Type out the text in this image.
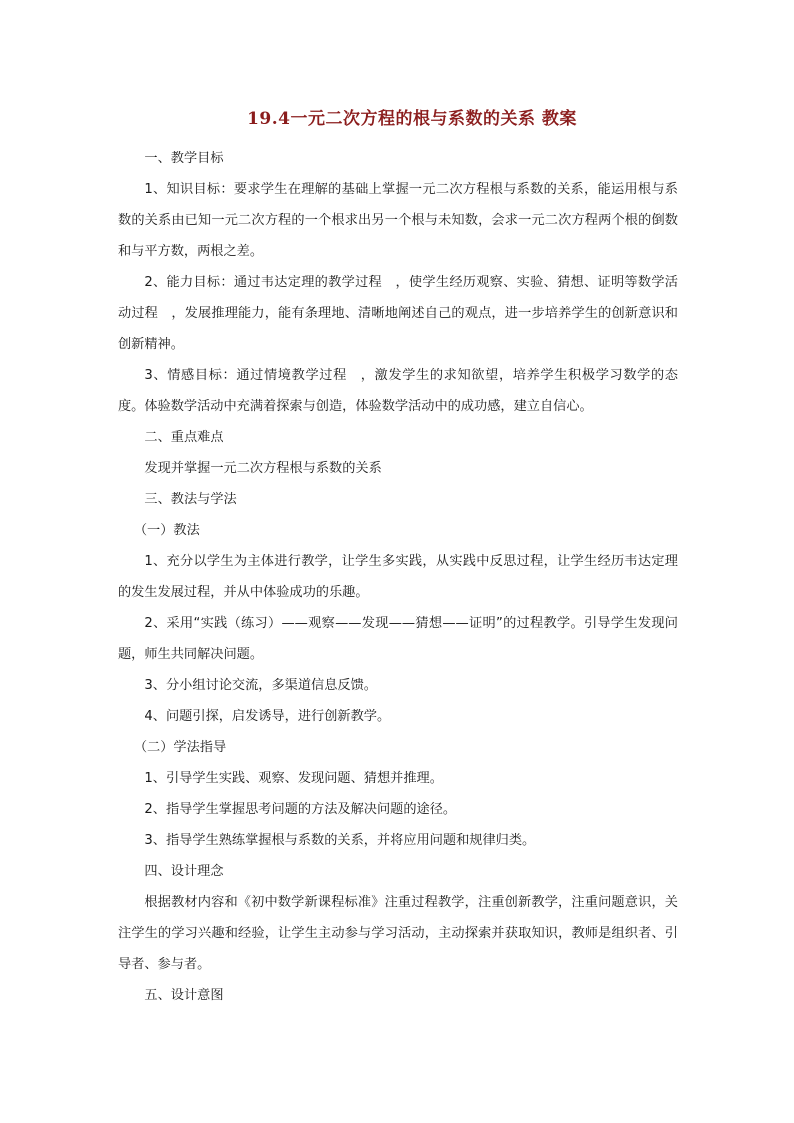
19.4一元二次方程的根与系数的关系 教案

一、教学目标

1、知识目标：要求学生在理解的基础上掌握一元二次方程根与系数的关系，能运用根与系数的关系由已知一元二次方程的一个根求出另一个根与未知数，会求一元二次方程两个根的倒数和与平方数，两根之差。

2、能力目标：通过韦达定理的教学过程　，使学生经历观察、实验、猜想、证明等数学活动过程　，发展推理能力，能有条理地、清晰地阐述自己的观点，进一步培养学生的创新意识和创新精神。

3、情感目标：通过情境教学过程　，激发学生的求知欲望，培养学生积极学习数学的态度。体验数学活动中充满着探索与创造，体验数学活动中的成功感，建立自信心。

二、重点难点

发现并掌握一元二次方程根与系数的关系

三、教法与学法

（一）教法

1、充分以学生为主体进行教学，让学生多实践，从实践中反思过程，让学生经历韦达定理的发生发展过程，并从中体验成功的乐趣。

2、采用“实践（练习）——观察——发现——猜想——证明”的过程教学。引导学生发现问题，师生共同解决问题。

3、分小组讨论交流，多渠道信息反馈。

4、问题引探，启发诱导，进行创新教学。

（二）学法指导

1、引导学生实践、观察、发现问题、猜想并推理。

2、指导学生掌握思考问题的方法及解决问题的途径。

3、指导学生熟练掌握根与系数的关系，并将应用问题和规律归类。

四、设计理念

根据教材内容和《初中数学新课程标准》注重过程教学，注重创新教学，注重问题意识，关注学生的学习兴趣和经验，让学生主动参与学习活动，主动探索并获取知识，教师是组织者、引导者、参与者。

五、设计意图
